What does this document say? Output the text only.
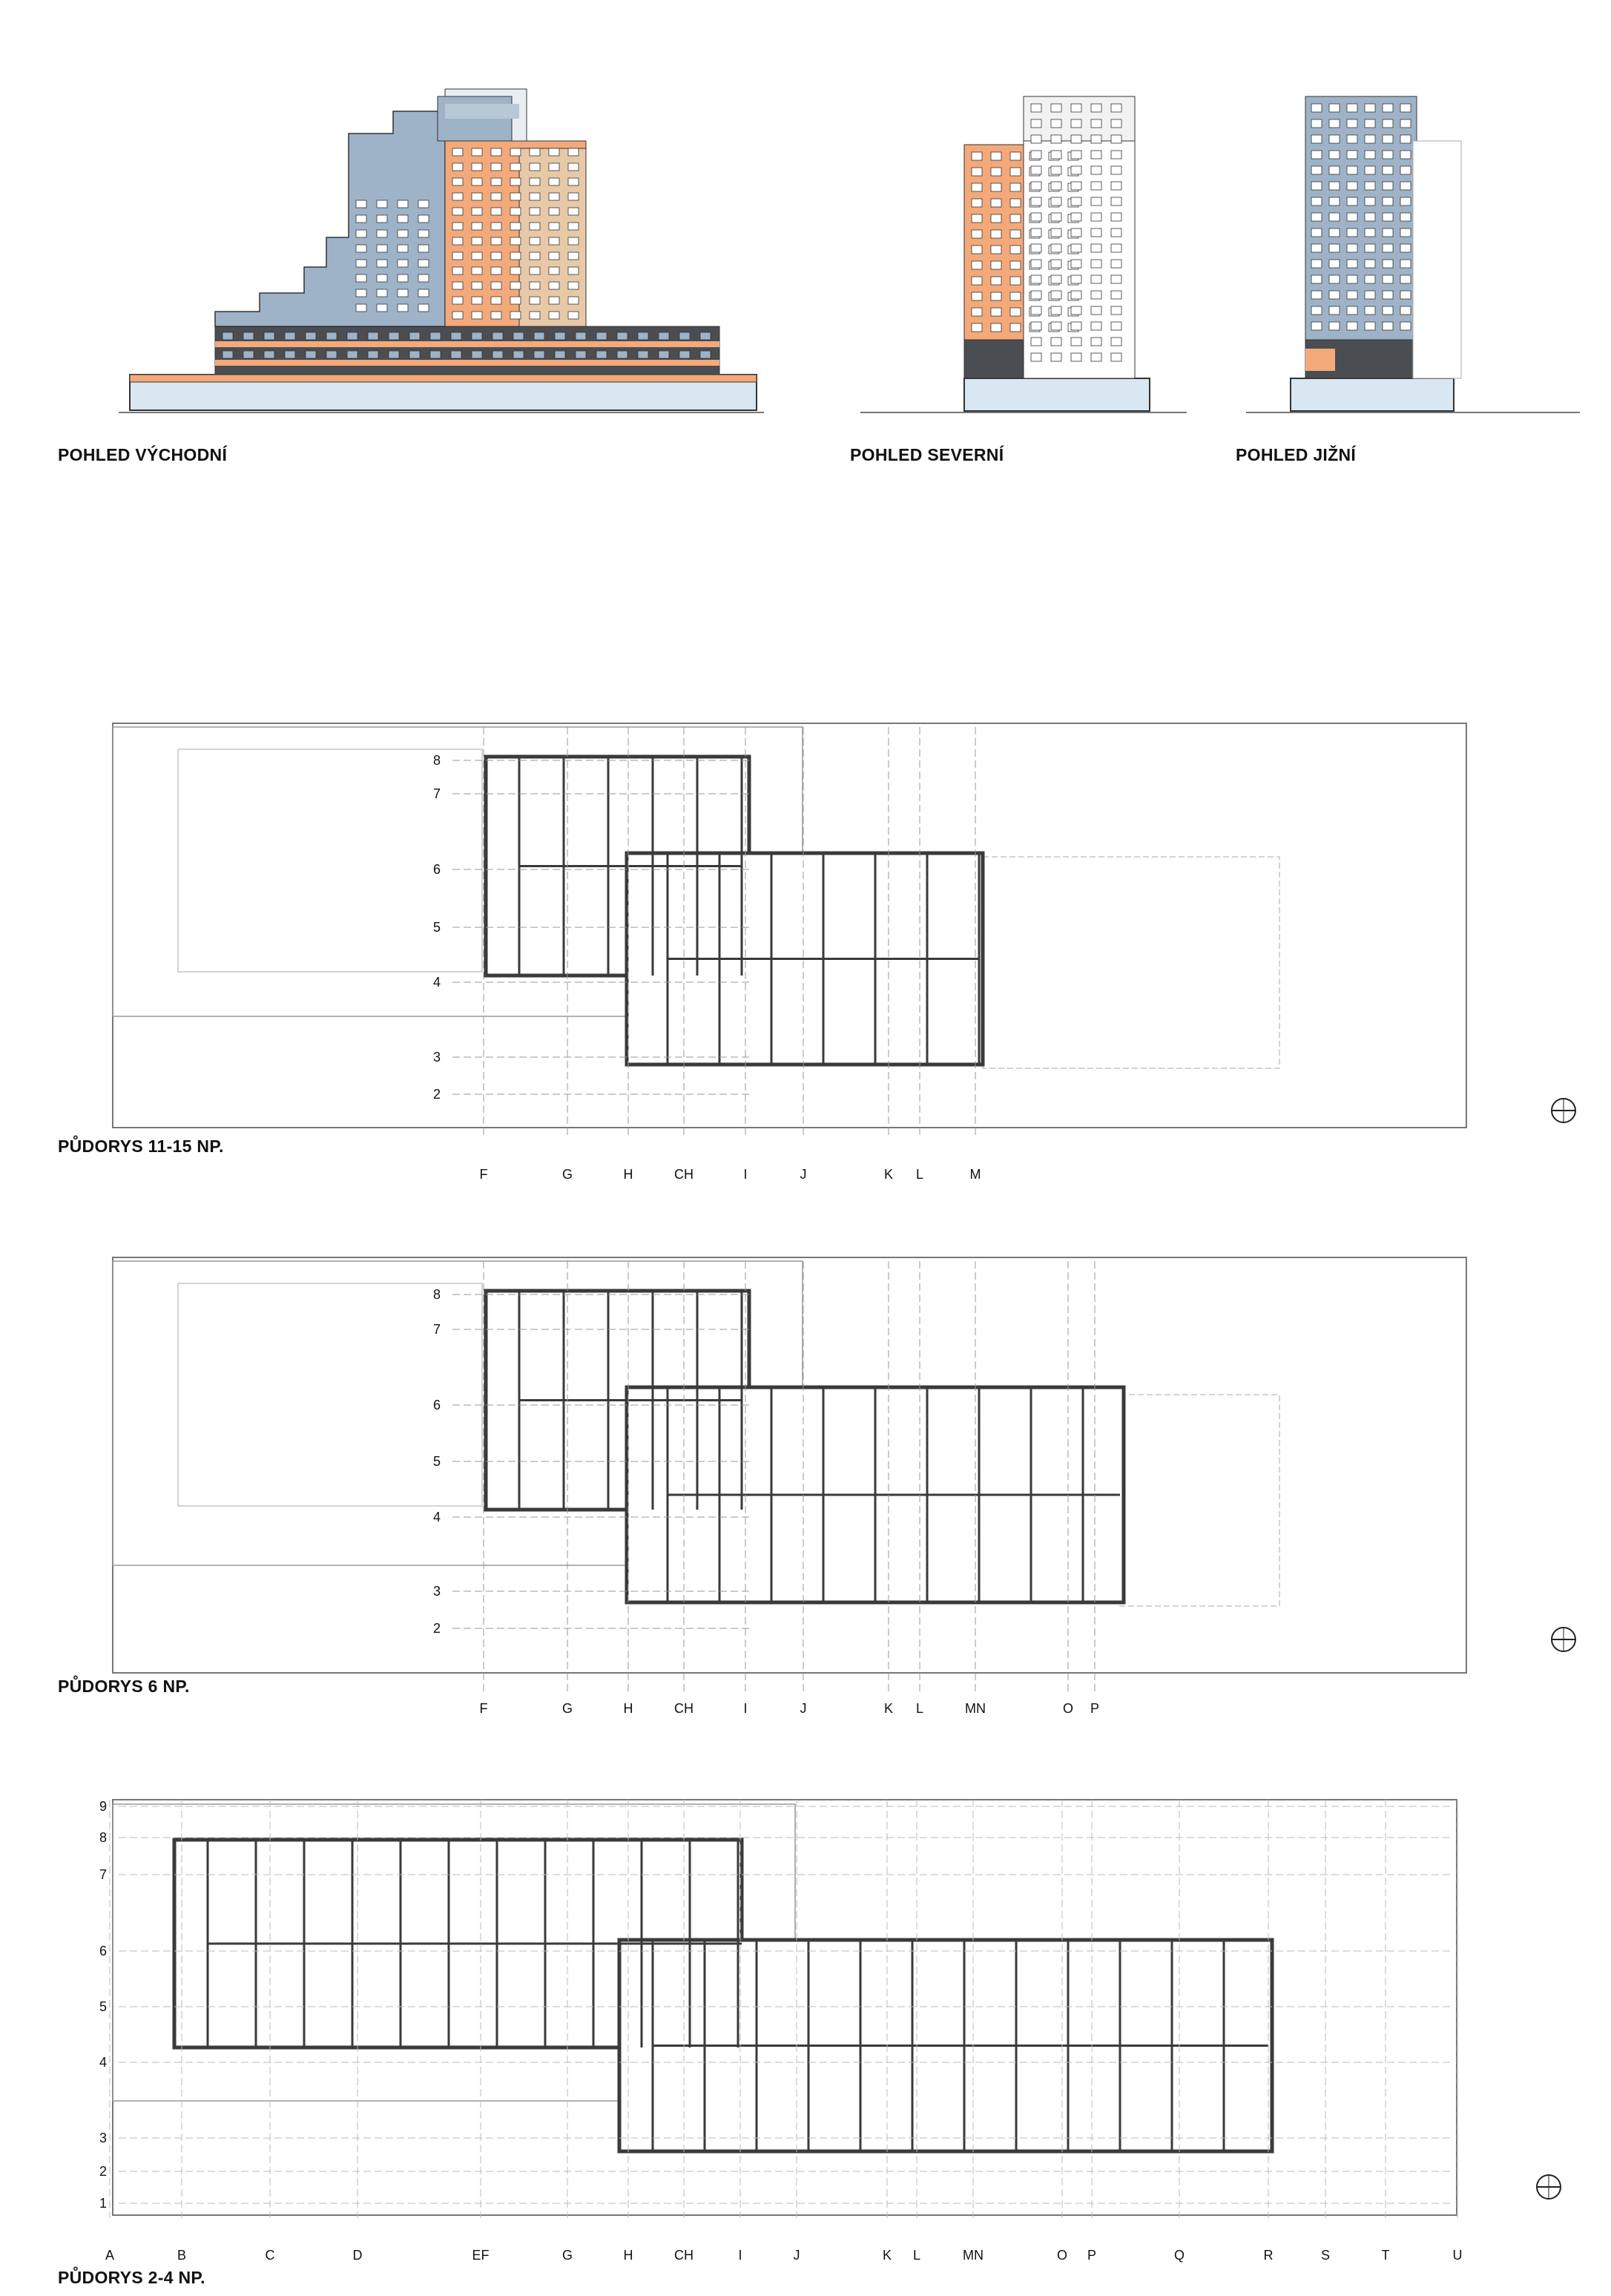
POHLED VÝCHODNÍ	POHLED SEVERNÍ	POHLED JIŽNÍ
8
7
6
5
4
3
2
PŮDORYS 11-15 NP.
F	G	H	CH	I	J	K L	M
8
7
6
5
4
3
2
PŮDORYS 6 NP.
F	G	H	CH	I	J	K L	MN	O P
9
8
7
6
5
4
3
2
1
PŮDORYS 2-4 NP.
A	B	C	D	EF	G	H	CH	I	J	K L	MN	O P	Q	R	S	T	U
